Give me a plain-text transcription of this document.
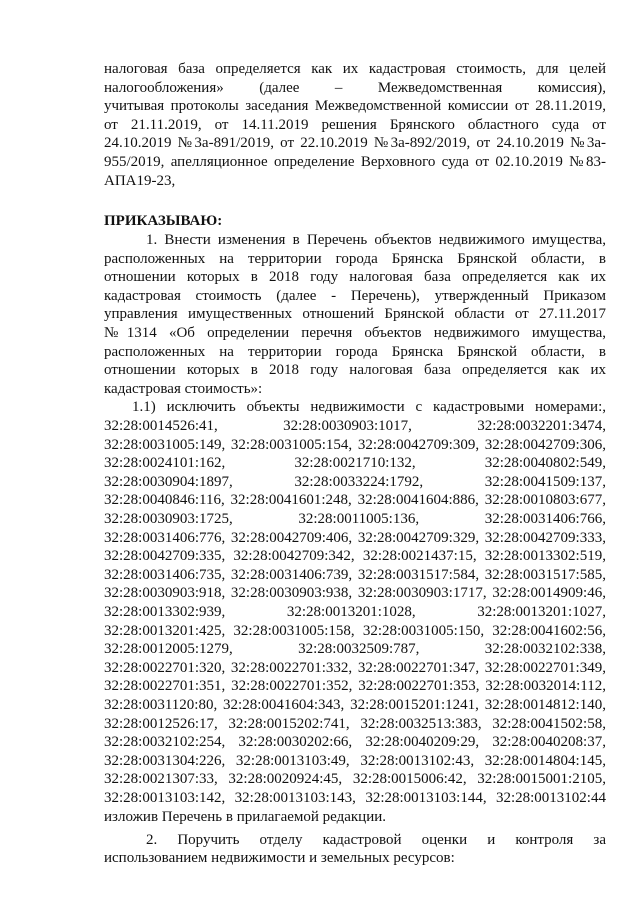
налоговая база определяется как их кадастровая стоимость, для целей
налогообложения» (далее – Межведомственная комиссия),
учитывая протоколы заседания Межведомственной комиссии от 28.11.2019,
от 21.11.2019, от 14.11.2019 решения Брянского областного суда от
24.10.2019 №3а-891/2019, от 22.10.2019 №3а-892/2019, от 24.10.2019 №3а-
955/2019, апелляционное определение Верховного суда от 02.10.2019 №83-
АПА19-23,
ПРИКАЗЫВАЮ:
1. Внести изменения в Перечень объектов недвижимого имущества,
расположенных на территории города Брянска Брянской области, в
отношении которых в 2018 году налоговая база определяется как их
кадастровая стоимость (далее - Перечень), утвержденный Приказом
управления имущественных отношений Брянской области от 27.11.2017
№1314 «Об определении перечня объектов недвижимого имущества,
расположенных на территории города Брянска Брянской области, в
отношении которых в 2018 году налоговая база определяется как их
кадастровая стоимость»:
1.1) исключить объекты недвижимости с кадастровыми номерами:,
32:28:0014526:41,	32:28:0030903:1017,	32:28:0032201:3474,
32:28:0031005:149, 32:28:0031005:154, 32:28:0042709:309, 32:28:0042709:306,
32:28:0024101:162,	32:28:0021710:132,	32:28:0040802:549,
32:28:0030904:1897,	32:28:0033224:1792,	32:28:0041509:137,
32:28:0040846:116, 32:28:0041601:248, 32:28:0041604:886, 32:28:0010803:677,
32:28:0030903:1725,	32:28:0011005:136,	32:28:0031406:766,
32:28:0031406:776, 32:28:0042709:406, 32:28:0042709:329, 32:28:0042709:333,
32:28:0042709:335, 32:28:0042709:342, 32:28:0021437:15, 32:28:0013302:519,
32:28:0031406:735, 32:28:0031406:739, 32:28:0031517:584, 32:28:0031517:585,
32:28:0030903:918, 32:28:0030903:938, 32:28:0030903:1717, 32:28:0014909:46,
32:28:0013302:939,	32:28:0013201:1028,	32:28:0013201:1027,
32:28:0013201:425, 32:28:0031005:158, 32:28:0031005:150, 32:28:0041602:56,
32:28:0012005:1279,	32:28:0032509:787,	32:28:0032102:338,
32:28:0022701:320, 32:28:0022701:332, 32:28:0022701:347, 32:28:0022701:349,
32:28:0022701:351, 32:28:0022701:352, 32:28:0022701:353, 32:28:0032014:112,
32:28:0031120:80, 32:28:0041604:343, 32:28:0015201:1241, 32:28:0014812:140,
32:28:0012526:17, 32:28:0015202:741, 32:28:0032513:383, 32:28:0041502:58,
32:28:0032102:254, 32:28:0030202:66, 32:28:0040209:29, 32:28:0040208:37,
32:28:0031304:226, 32:28:0013103:49, 32:28:0013102:43, 32:28:0014804:145,
32:28:0021307:33, 32:28:0020924:45, 32:28:0015006:42, 32:28:0015001:2105,
32:28:0013103:142, 32:28:0013103:143, 32:28:0013103:144, 32:28:0013102:44
изложив Перечень в прилагаемой редакции.
2. Поручить отделу кадастровой оценки и контроля за
использованием недвижимости и земельных ресурсов:
